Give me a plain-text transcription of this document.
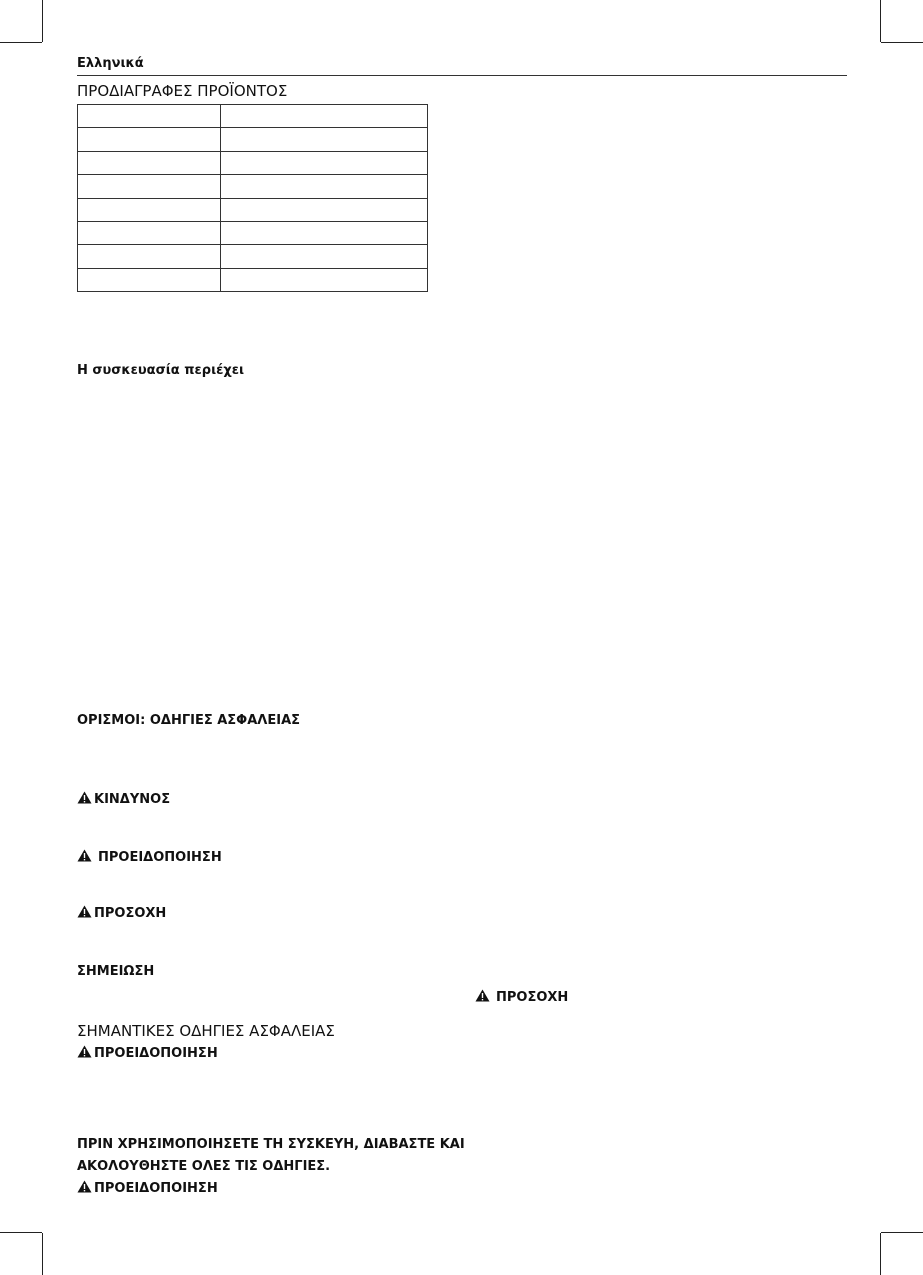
Ελληνικά
ΠΡΟΔΙΑΓΡΑΦΕΣ ΠΡΟΪΟΝΤΟΣ

Η συσκευασία περιέχει
ΟΡΙΣΜΟΙ: ΟΔΗΓΙΕΣ ΑΣΦΑΛΕΙΑΣ
ΚΙΝΔΥΝΟΣ
ΠΡΟΕΙΔΟΠΟΙΗΣΗ
ΠΡΟΣΟΧΗ
ΣΗΜΕΙΩΣΗ
ΠΡΟΣΟΧΗ
ΣΗΜΑΝΤΙΚΕΣ ΟΔΗΓΙΕΣ ΑΣΦΑΛΕΙΑΣ
ΠΡΟΕΙΔΟΠΟΙΗΣΗ
ΠΡΙΝ ΧΡΗΣΙΜΟΠΟΙΗΣΕΤΕ ΤΗ ΣΥΣΚΕΥΗ, ΔΙΑΒΑΣΤΕ ΚΑΙ
ΑΚΟΛΟΥΘΗΣΤΕ ΟΛΕΣ ΤΙΣ ΟΔΗΓΙΕΣ.
ΠΡΟΕΙΔΟΠΟΙΗΣΗ
